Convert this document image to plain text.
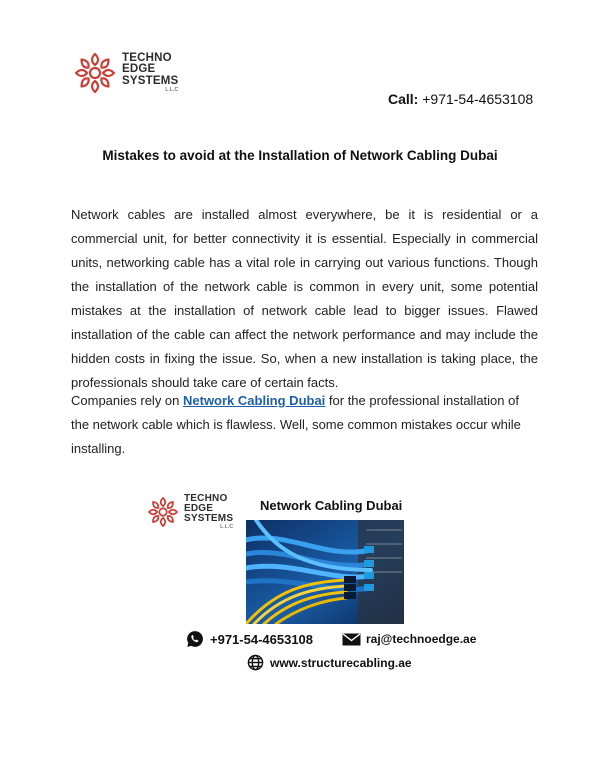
TECHNO
EDGE
SYSTEMS
L.L.C
Call: +971-54-4653108
Mistakes to avoid at the Installation of Network Cabling Dubai

Network cables are installed almost everywhere, be it is residential or a commercial unit, for better connectivity it is essential. Especially in commercial units, networking cable has a vital role in carrying out various functions. Though the installation of the network cable is common in every unit, some potential mistakes at the installation of network cable lead to bigger issues. Flawed installation of the cable can affect the network performance and may include the hidden costs in fixing the issue. So, when a new installation is taking place, the professionals should take care of certain facts.

Companies rely on Network Cabling Dubai for the professional installation of the network cable which is flawless. Well, some common mistakes occur while installing.

TECHNO
EDGE
SYSTEMS
L.L.C

Network Cabling Dubai

+971-54-4653108	raj@technoedge.ae
www.structurecabling.ae
